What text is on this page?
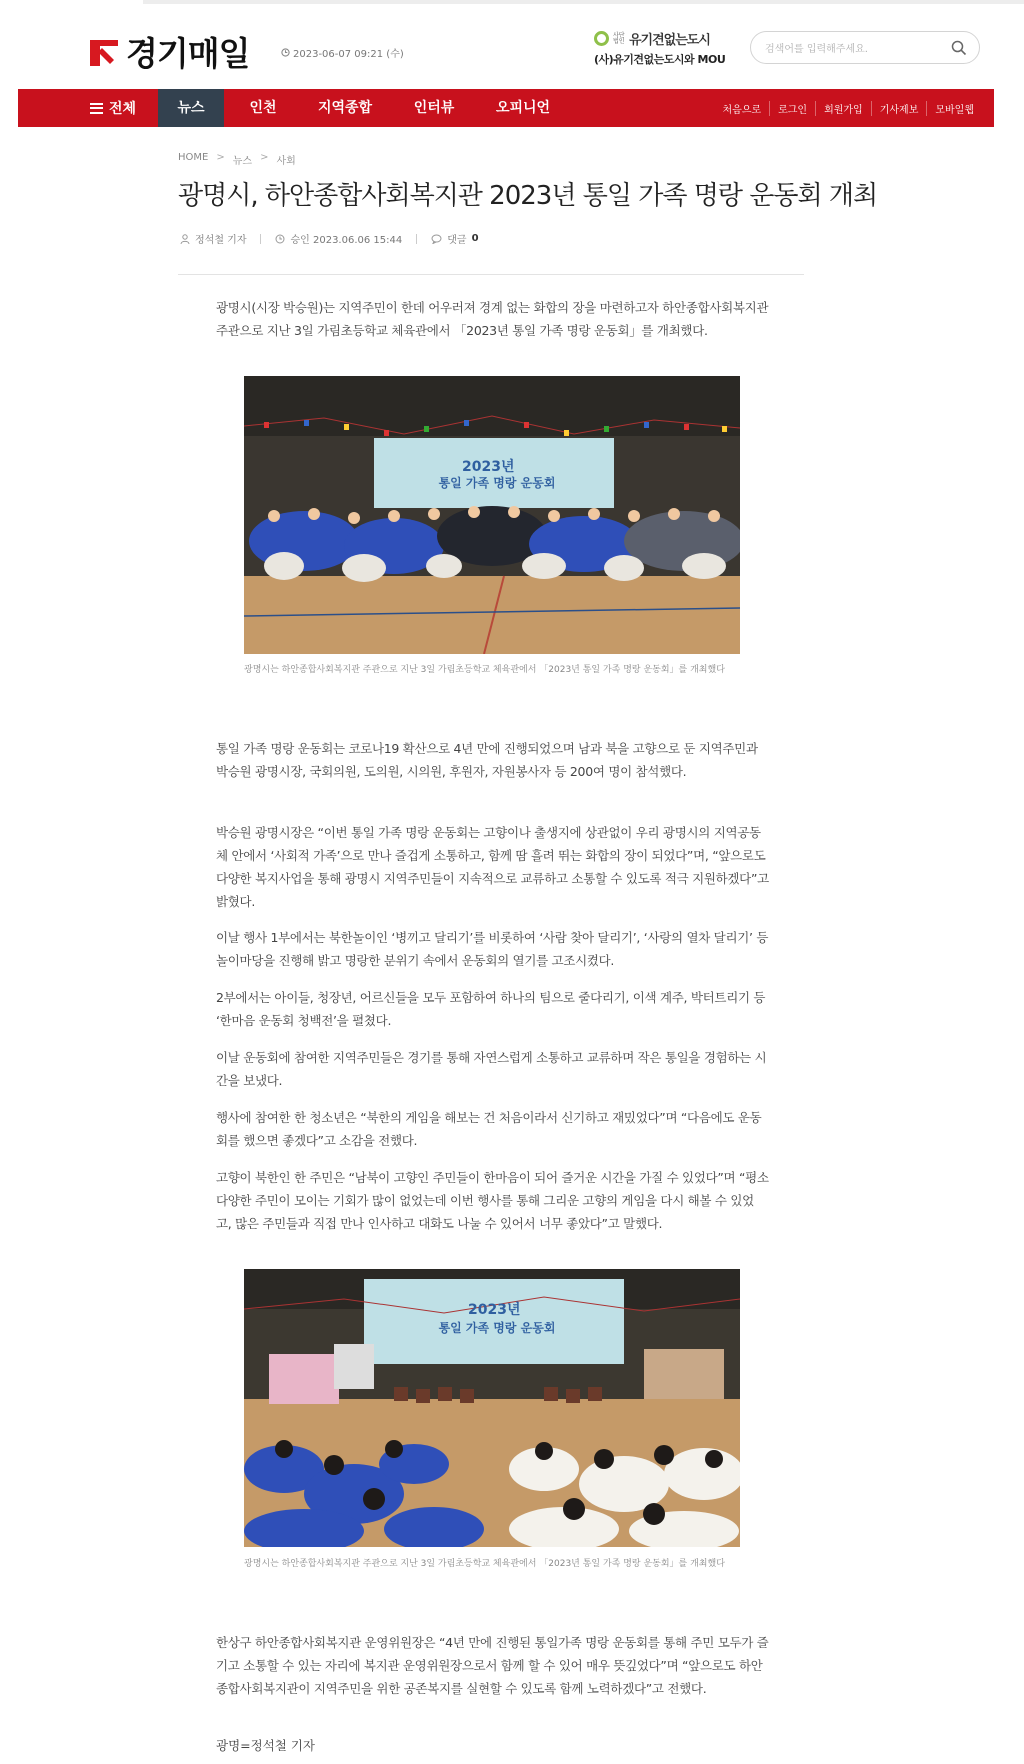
경기매일	2023-06-07 09:21 (수)
사단법인 유기견없는도시
(사)유기견없는도시와 MOU
검색어를 입력해주세요.
전체	뉴스	인천	지역종합	인터뷰	오피니언	처음으로	로그인	회원가입	기사제보	모바일웹
HOME > 뉴스 > 사회
광명시, 하안종합사회복지관 2023년 통일 가족 명랑 운동회 개최
정석철 기자	승인 2023.06.06 15:44	댓글 0

광명시(시장 박승원)는 지역주민이 한데 어우러져 경계 없는 화합의 장을 마련하고자 하안종합사회복지관 주관으로 지난 3일 가림초등학교 체육관에서 「2023년 통일 가족 명랑 운동회」를 개최했다.

2023년
통일 가족 명랑 운동회
광명시는 하안종합사회복지관 주관으로 지난 3일 가림초등학교 체육관에서 「2023년 통일 가족 명랑 운동회」를 개최했다

통일 가족 명랑 운동회는 코로나19 확산으로 4년 만에 진행되었으며 남과 북을 고향으로 둔 지역주민과 박승원 광명시장, 국회의원, 도의원, 시의원, 후원자, 자원봉사자 등 200여 명이 참석했다.

박승원 광명시장은 “이번 통일 가족 명랑 운동회는 고향이나 출생지에 상관없이 우리 광명시의 지역공동체 안에서 ‘사회적 가족’으로 만나 즐겁게 소통하고, 함께 땀 흘려 뛰는 화합의 장이 되었다”며, “앞으로도 다양한 복지사업을 통해 광명시 지역주민들이 지속적으로 교류하고 소통할 수 있도록 적극 지원하겠다”고 밝혔다.

이날 행사 1부에서는 북한놀이인 ‘병끼고 달리기’를 비롯하여 ‘사람 찾아 달리기’, ‘사랑의 열차 달리기’ 등 놀이마당을 진행해 밝고 명랑한 분위기 속에서 운동회의 열기를 고조시켰다.

2부에서는 아이들, 청장년, 어르신들을 모두 포함하여 하나의 팀으로 줄다리기, 이색 계주, 박터트리기 등 ‘한마음 운동회 청백전’을 펼쳤다.

이날 운동회에 참여한 지역주민들은 경기를 통해 자연스럽게 소통하고 교류하며 작은 통일을 경험하는 시간을 보냈다.

행사에 참여한 한 청소년은 “북한의 게임을 해보는 건 처음이라서 신기하고 재밌었다”며 “다음에도 운동회를 했으면 좋겠다”고 소감을 전했다.

고향이 북한인 한 주민은 “남북이 고향인 주민들이 한마음이 되어 즐거운 시간을 가질 수 있었다”며 “평소 다양한 주민이 모이는 기회가 많이 없었는데 이번 행사를 통해 그리운 고향의 게임을 다시 해볼 수 있었고, 많은 주민들과 직접 만나 인사하고 대화도 나눌 수 있어서 너무 좋았다”고 말했다.

2023년
통일 가족 명랑 운동회
광명시는 하안종합사회복지관 주관으로 지난 3일 가림초등학교 체육관에서 「2023년 통일 가족 명랑 운동회」를 개최했다

한상구 하안종합사회복지관 운영위원장은 “4년 만에 진행된 통일가족 명랑 운동회를 통해 주민 모두가 즐기고 소통할 수 있는 자리에 복지관 운영위원장으로서 함께 할 수 있어 매우 뜻깊었다”며 “앞으로도 하안종합사회복지관이 지역주민을 위한 공존복지를 실현할 수 있도록 함께 노력하겠다”고 전했다.

광명=정석철 기자
